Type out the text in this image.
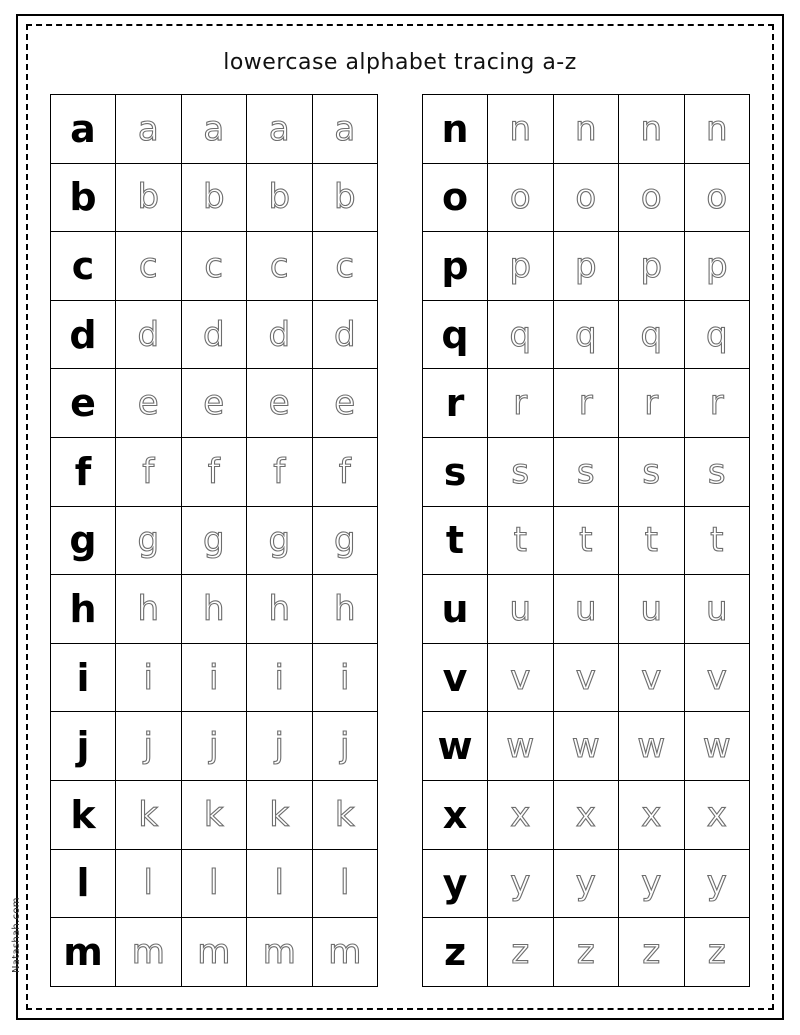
lowercase alphabet tracing a-z
a	a	a	a	a

b	b	b	b	b

c	c	c	c	c

d	d	d	d	d

e	e	e	e	e

f	f	f	f	f

g	g	g	g	g

h	h	h	h	h

i	i	i	i	i

j	j	j	j	j

k	k	k	k	k

l	l	l	l	l

m	m	m	m	m
n	n	n	n	n

o	o	o	o	o

p	p	p	p	p

q	q	q	q	q

r	r	r	r	r

s	s	s	s	s

t	t	t	t	t

u	u	u	u	u

v	v	v	v	v

w	w	w	w	w

x	x	x	x	x

y	y	y	y	y

z	z	z	z	z
Natashah.com
